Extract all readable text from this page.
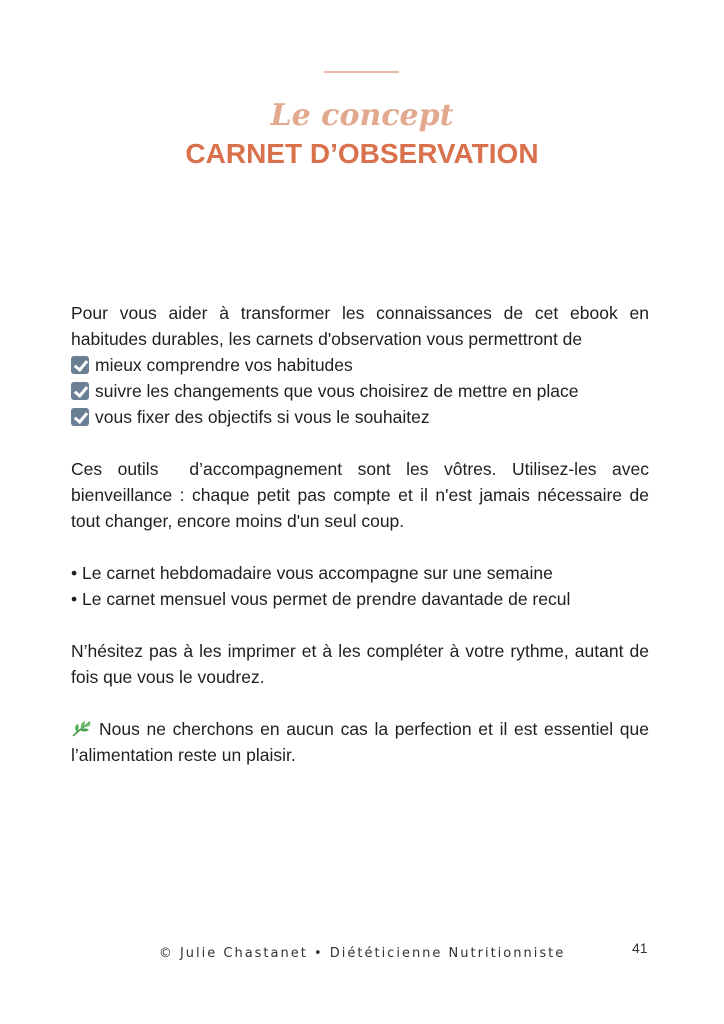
Le concept
CARNET D’OBSERVATION

Pour vous aider à transformer les connaissances de cet ebook en habitudes durables, les carnets d'observation vous permettront de
mieux comprendre vos habitudes
suivre les changements que vous choisirez de mettre en place
vous fixer des objectifs si vous le souhaitez

Ces outils  d’accompagnement sont les vôtres. Utilisez-les avec bienveillance : chaque petit pas compte et il n'est jamais nécessaire de tout changer, encore moins d'un seul coup.

• Le carnet hebdomadaire vous accompagne sur une semaine
• Le carnet mensuel vous permet de prendre davantade de recul

N’hésitez pas à les imprimer et à les compléter à votre rythme, autant de fois que vous le voudrez.

Nous ne cherchons en aucun cas la perfection et il est essentiel que l’alimentation reste un plaisir.

© Julie Chastanet • Diététicienne Nutritionniste	41
